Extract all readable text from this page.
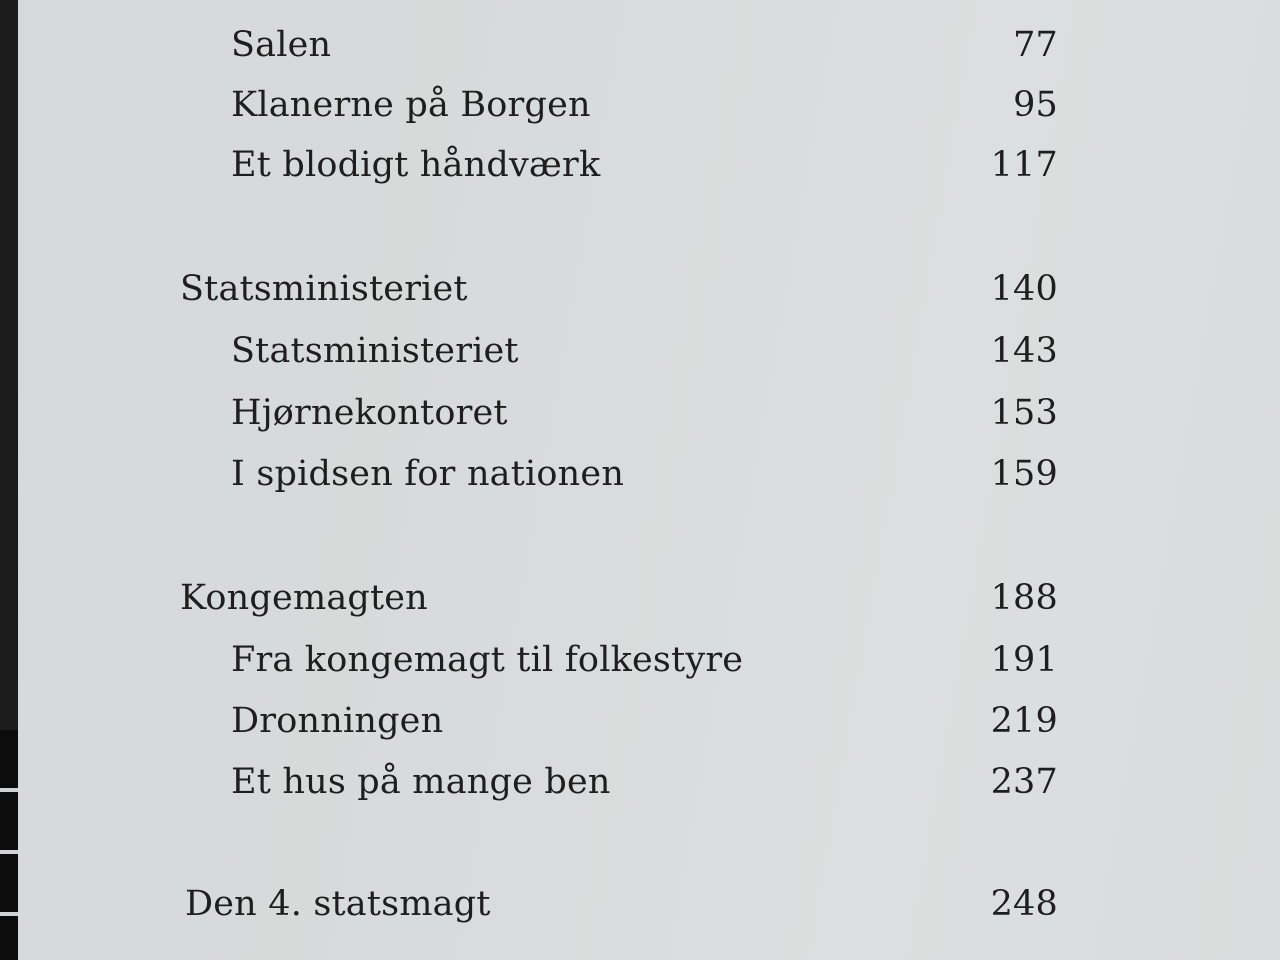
Salen	77
Klanerne på Borgen	95
Et blodigt håndværk	117
Statsministeriet	140
Statsministeriet	143
Hjørnekontoret	153
I spidsen for nationen	159
Kongemagten	188
Fra kongemagt til folkestyre	191
Dronningen	219
Et hus på mange ben	237
Den 4. statsmagt	248
